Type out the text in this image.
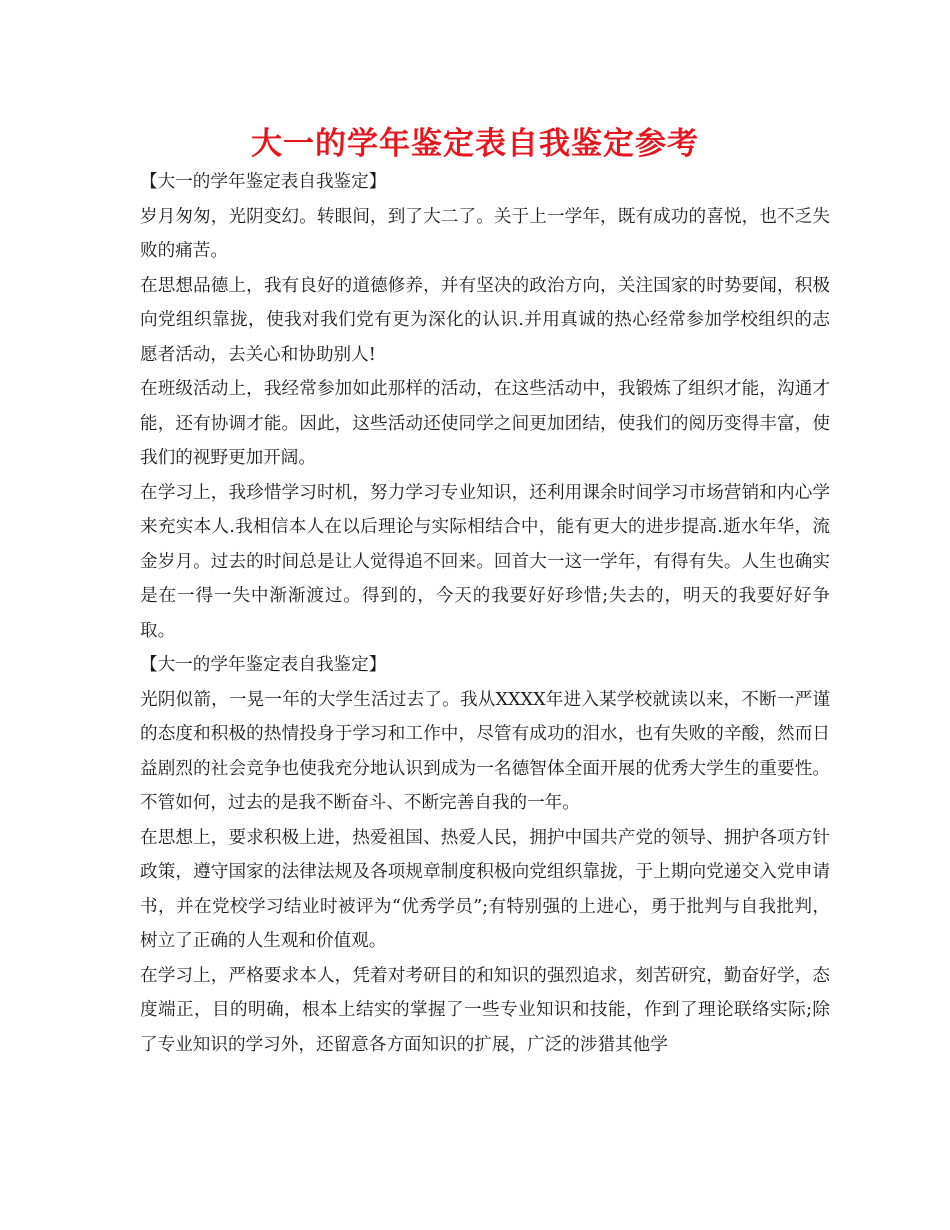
大一的学年鉴定表自我鉴定参考

【大一的学年鉴定表自我鉴定】

岁月匆匆，光阴变幻。转眼间，到了大二了。关于上一学年，既有成功的喜悦，也不乏失败的痛苦。

在思想品德上，我有良好的道德修养，并有坚决的政治方向，关注国家的时势要闻，积极向党组织靠拢，使我对我们党有更为深化的认识.并用真诚的热心经常参加学校组织的志愿者活动，去关心和协助别人!

在班级活动上，我经常参加如此那样的活动，在这些活动中，我锻炼了组织才能，沟通才能，还有协调才能。因此，这些活动还使同学之间更加团结，使我们的阅历变得丰富，使我们的视野更加开阔。

在学习上，我珍惜学习时机，努力学习专业知识，还利用课余时间学习市场营销和内心学来充实本人.我相信本人在以后理论与实际相结合中，能有更大的进步提高.逝水年华，流金岁月。过去的时间总是让人觉得追不回来。回首大一这一学年，有得有失。人生也确实是在一得一失中渐渐渡过。得到的，今天的我要好好珍惜;失去的，明天的我要好好争取。

【大一的学年鉴定表自我鉴定】

光阴似箭，一晃一年的大学生活过去了。我从XXXX年进入某学校就读以来，不断一严谨的态度和积极的热情投身于学习和工作中，尽管有成功的泪水，也有失败的辛酸，然而日益剧烈的社会竞争也使我充分地认识到成为一名德智体全面开展的优秀大学生的重要性。不管如何，过去的是我不断奋斗、不断完善自我的一年。

在思想上，要求积极上进，热爱祖国、热爱人民，拥护中国共产党的领导、拥护各项方针政策，遵守国家的法律法规及各项规章制度积极向党组织靠拢，于上期向党递交入党申请书，并在党校学习结业时被评为“优秀学员”;有特别强的上进心，勇于批判与自我批判，树立了正确的人生观和价值观。

在学习上，严格要求本人，凭着对考研目的和知识的强烈追求，刻苦研究，勤奋好学，态度端正，目的明确，根本上结实的掌握了一些专业知识和技能，作到了理论联络实际;除了专业知识的学习外，还留意各方面知识的扩展，广泛的涉猎其他学
